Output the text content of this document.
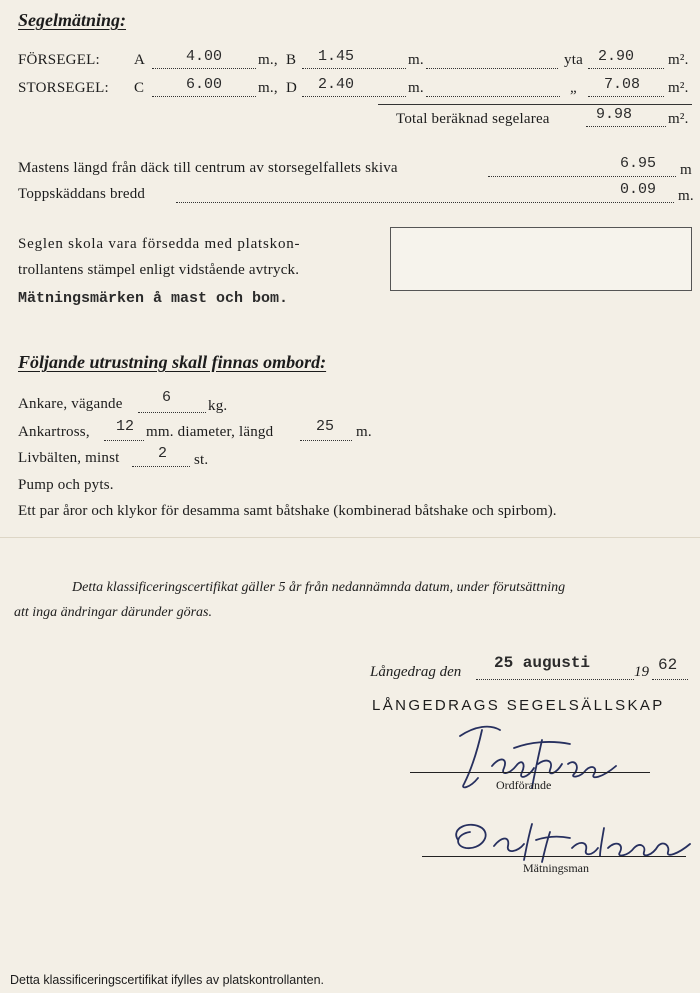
Segelmätning:
FÖRSEGEL: A	4.00 m., B 1.45	m.	yta 2.90 m².
STORSEGEL: C	6.00 m., D 2.40	m.	„ 7.08 m².
Total beräknad segelarea	9.98 m².
Mastens längd från däck till centrum av storsegelfallets skiva	6.95 m
Toppskäddans bredd	0.09 m.
Seglen skola vara försedda med platskon-
trollantens stämpel enligt vidstående avtryck.
Mätningsmärken å mast och bom.
Följande utrustning skall finnas ombord:
Ankare, vägande	6 kg.
Ankartross, 12 mm. diameter, längd	25 m.
Livbälten, minst	2 st.
Pump och pyts.
Ett par åror och klykor för desamma samt båtshake (kombinerad båtshake och spirbom).
Detta klassificeringscertifikat gäller 5 år från nedannämnda datum, under förutsättning
att inga ändringar därunder göras.
Långedrag den 25 augusti	19 62
LÅNGEDRAGS SEGELSÄLLSKAP
Ordförande
Mätningsman
Detta klassificeringscertifikat ifylles av platskontrollanten.
